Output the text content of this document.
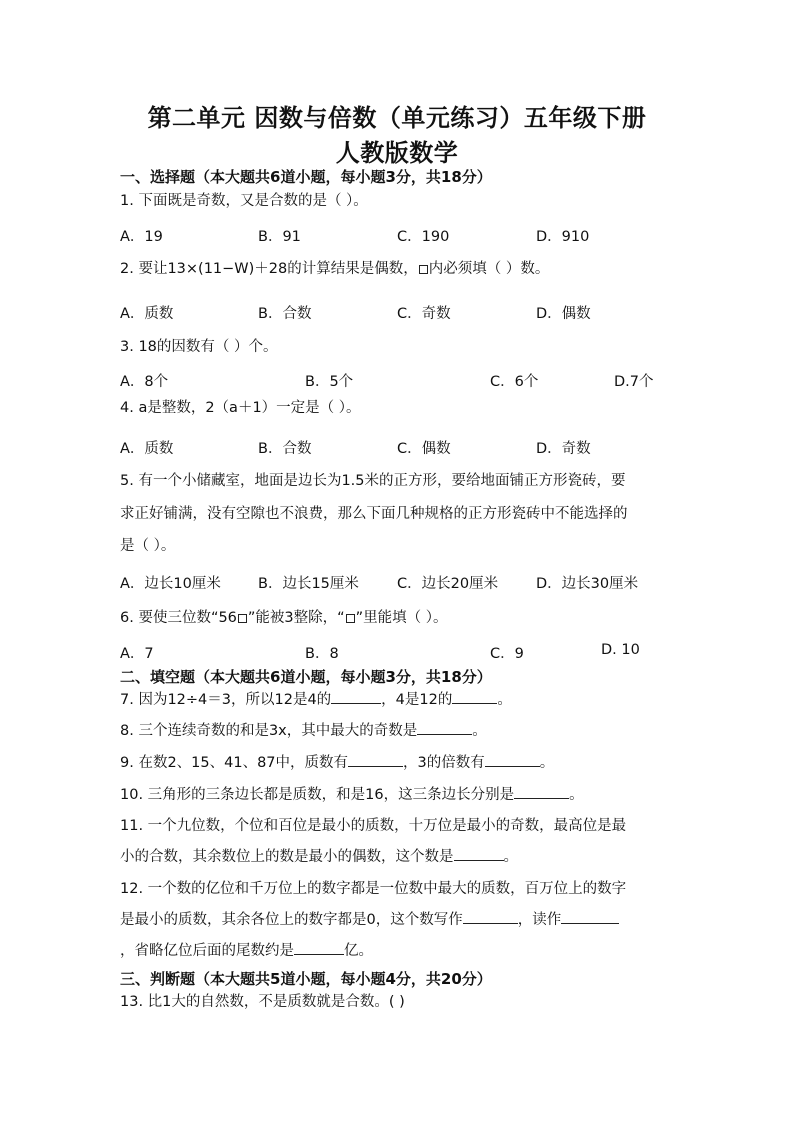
第二单元 因数与倍数（单元练习）五年级下册
人教版数学
一、选择题（本大题共6道小题，每小题3分，共18分）
1. 下面既是奇数，又是合数的是（ ）。
A．19	B．91	C．190	D．910
2. 要让13×(11−W)＋28的计算结果是偶数， 内必须填（ ）数。
A．质数	B．合数	C．奇数	D．偶数
3. 18的因数有（ ）个。
A．8个	B．5个	C．6个	D.7个
4. a是整数，2（a＋1）一定是（ ）。
A．质数	B．合数	C．偶数	D．奇数
5. 有一个小储藏室，地面是边长为1.5米的正方形，要给地面铺正方形瓷砖，要
求正好铺满，没有空隙也不浪费，那么下面几种规格的正方形瓷砖中不能选择的
是（ ）。
A．边长10厘米	B．边长15厘米	C．边长20厘米	D．边长30厘米
6. 要使三位数“56 ”能被3整除，“ ”里能填（ ）。
A．7	B．8	C．9	D. 10
二、填空题（本大题共6道小题，每小题3分，共18分）
7. 因为12÷4＝3，所以12是4的	，4是12的	。
8. 三个连续奇数的和是3x，其中最大的奇数是	。
9. 在数2、15、41、87中，质数有	，3的倍数有	。
10. 三角形的三条边长都是质数，和是16，这三条边长分别是	。
11. 一个九位数，个位和百位是最小的质数，十万位是最小的奇数，最高位是最
小的合数，其余数位上的数是最小的偶数，这个数是	。
12. 一个数的亿位和千万位上的数字都是一位数中最大的质数，百万位上的数字
是最小的质数，其余各位上的数字都是0，这个数写作	，读作
，省略亿位后面的尾数约是	亿。
三、判断题（本大题共5道小题，每小题4分，共20分）
13. 比1大的自然数，不是质数就是合数。( )
